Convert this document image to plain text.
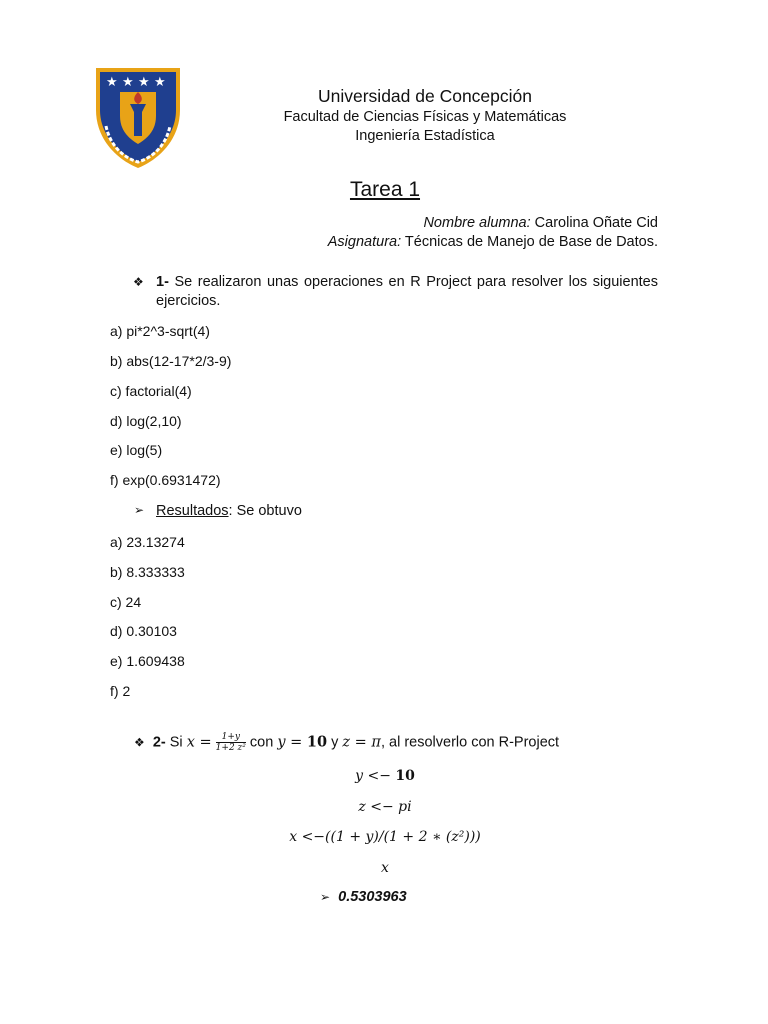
★ ★ ★ ★
Universidad de Concepción
Facultad de Ciencias Físicas y Matemáticas
Ingeniería Estadística
Tarea 1
Nombre alumna: Carolina Oñate Cid
Asignatura: Técnicas de Manejo de Base de Datos.
❖ 1- Se realizaron unas operaciones en R Project para resolver los siguientes ejercicios.
a) pi*2^3-sqrt(4)
b) abs(12-17*2/3-9)
c) factorial(4)
d) log(2,10)
e) log(5)
f) exp(0.6931472)
➢ Resultados: Se obtuvo
a) 23.13274
b) 8.333333
c) 24
d) 0.30103
e) 1.609438
f) 2
❖ 2- Si $x = \frac{1+y}{\text{1+2 z²}}$ con y = 10 y z = π, al resolverlo con R-Project
y <− 10
z <− pi
x <−((1 + y)/(1 + 2 ∗ (z²)))
x
➢ 0.5303963
